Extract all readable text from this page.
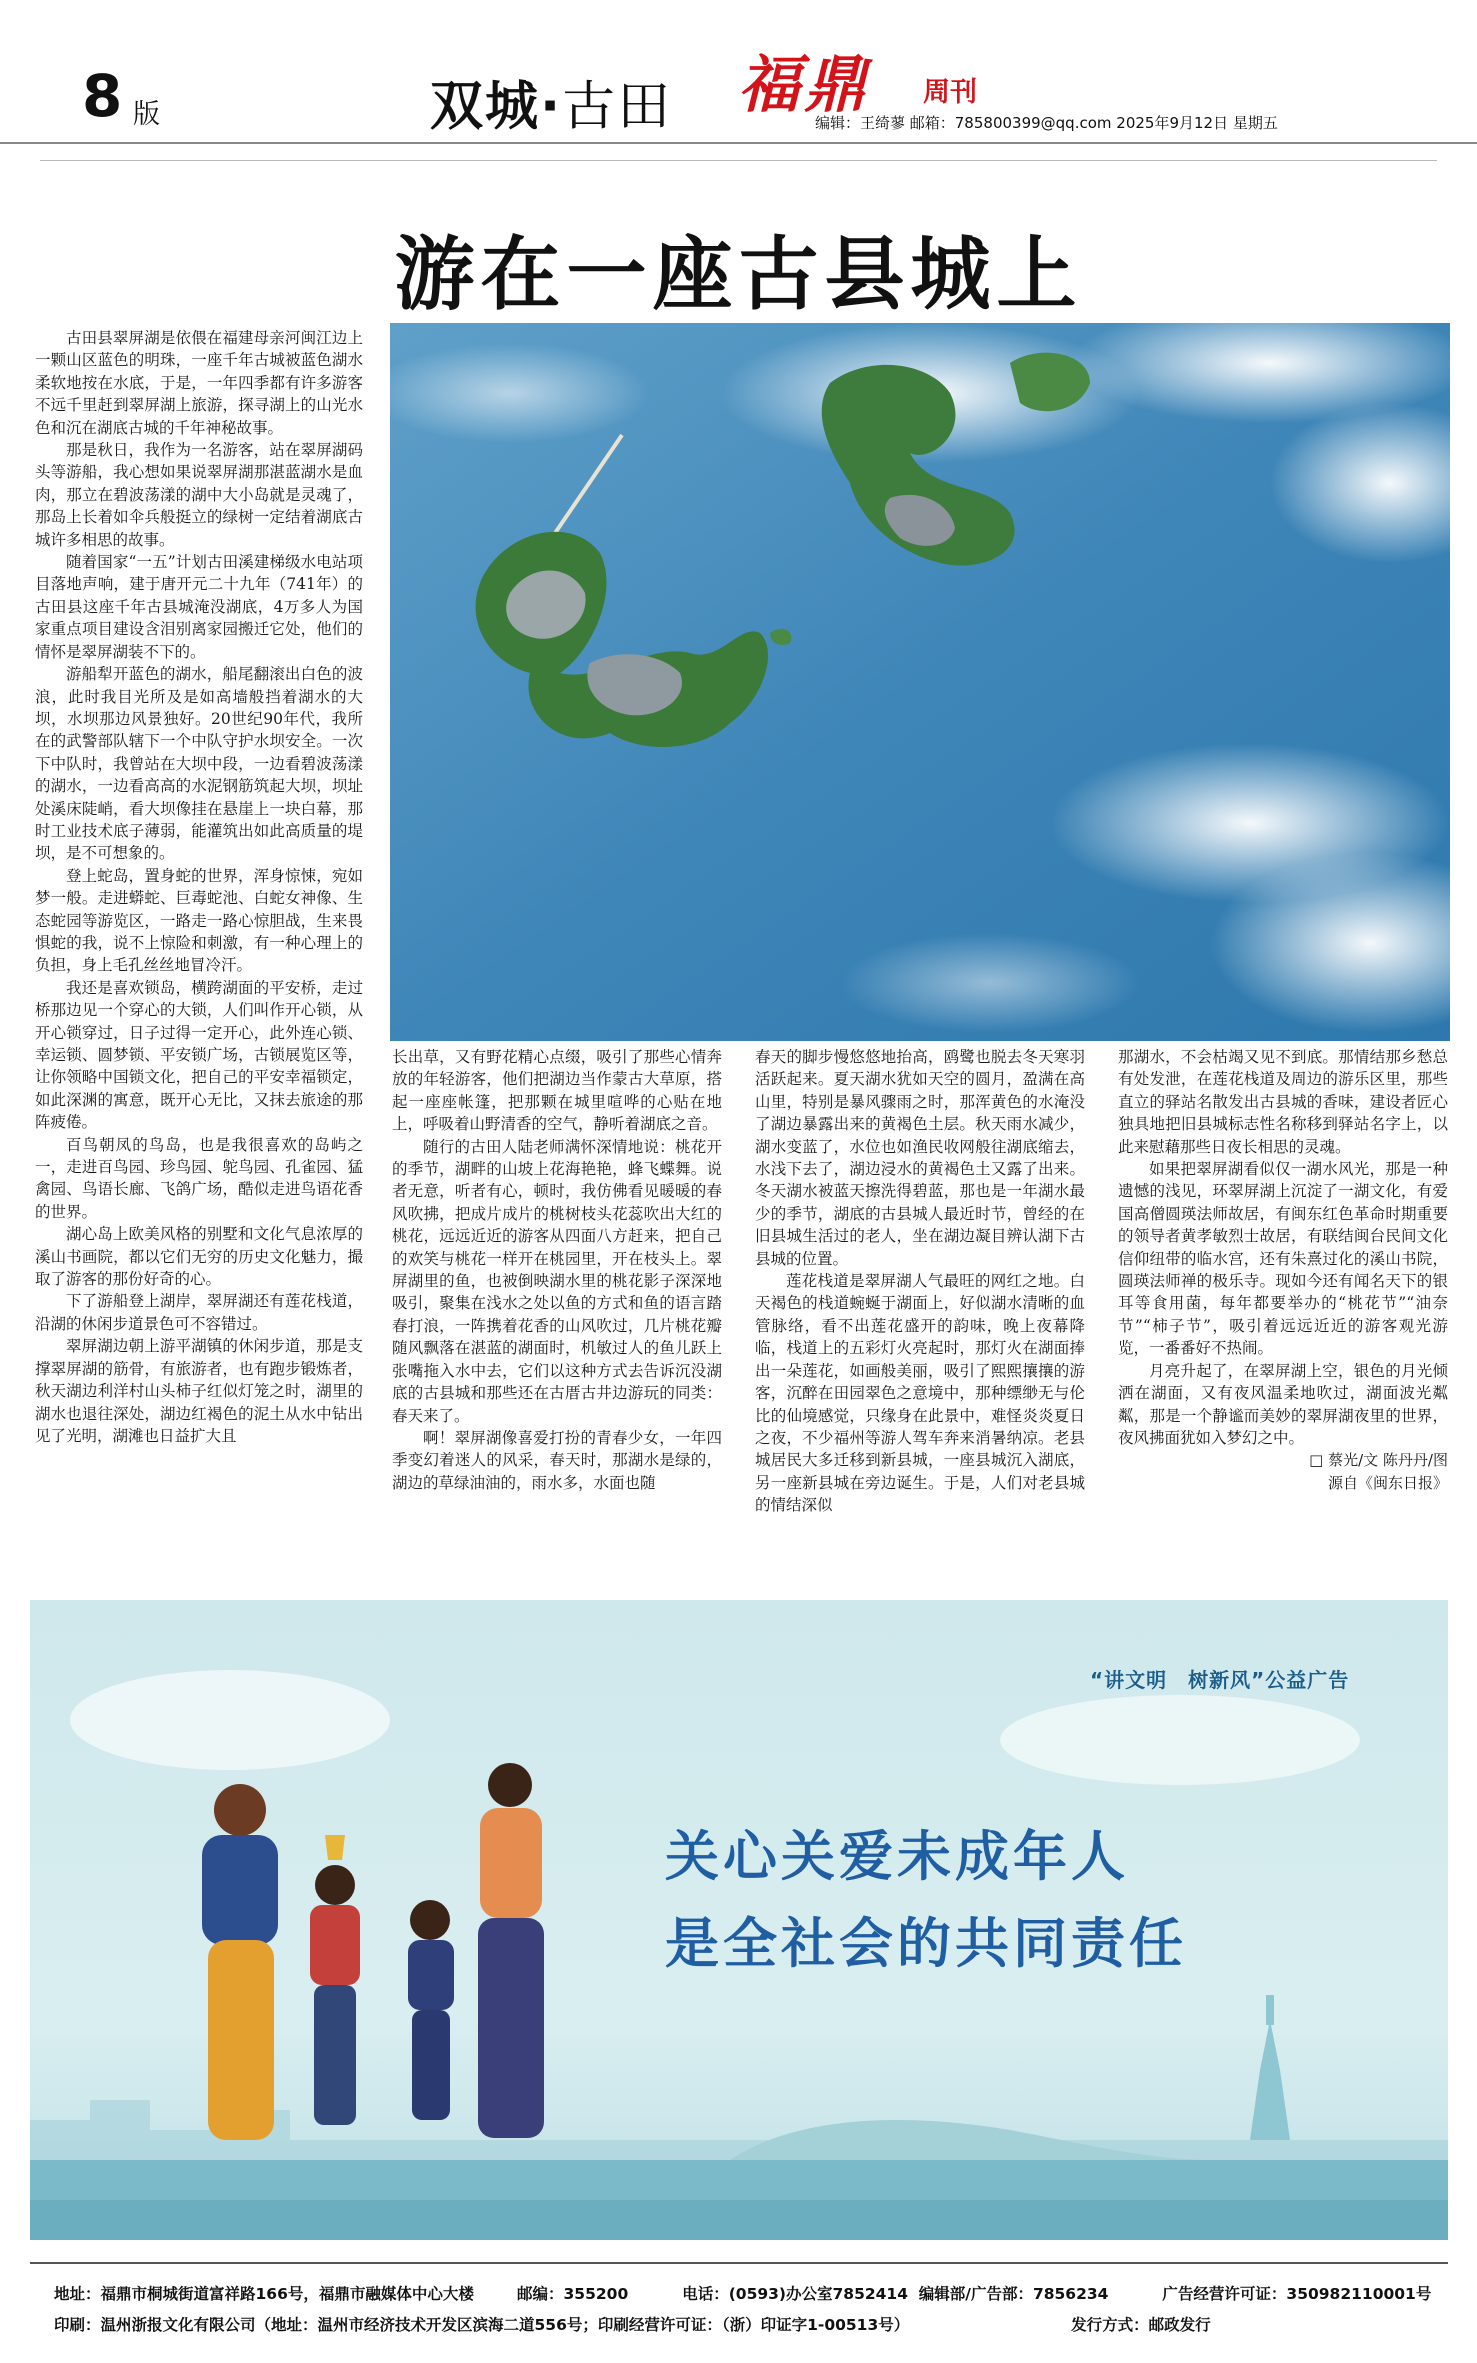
8 版	双城·古田 福鼎 周刊
编辑：王绮蓼 邮箱：785800399@qq.com 2025年9月12日 星期五
游在一座古县城上

古田县翠屏湖是依偎在福建母亲河闽江边上一颗山区蓝色的明珠，一座千年古城被蓝色湖水柔软地按在水底，于是，一年四季都有许多游客不远千里赶到翠屏湖上旅游，探寻湖上的山光水色和沉在湖底古城的千年神秘故事。

那是秋日，我作为一名游客，站在翠屏湖码头等游船，我心想如果说翠屏湖那湛蓝湖水是血肉，那立在碧波荡漾的湖中大小岛就是灵魂了，那岛上长着如伞兵般挺立的绿树一定结着湖底古城许多相思的故事。

随着国家“一五”计划古田溪建梯级水电站项目落地声响，建于唐开元二十九年（741年）的古田县这座千年古县城淹没湖底，4万多人为国家重点项目建设含泪别离家园搬迁它处，他们的情怀是翠屏湖装不下的。

游船犁开蓝色的湖水，船尾翻滚出白色的波浪，此时我目光所及是如高墙般挡着湖水的大坝，水坝那边风景独好。20世纪90年代，我所在的武警部队辖下一个中队守护水坝安全。一次下中队时，我曾站在大坝中段，一边看碧波荡漾的湖水，一边看高高的水泥钢筋筑起大坝，坝址处溪床陡峭，看大坝像挂在悬崖上一块白幕，那时工业技术底子薄弱，能灌筑出如此高质量的堤坝，是不可想象的。

登上蛇岛，置身蛇的世界，浑身惊悚，宛如梦一般。走进蟒蛇、巨毒蛇池、白蛇女神像、生态蛇园等游览区，一路走一路心惊胆战，生来畏惧蛇的我，说不上惊险和刺激，有一种心理上的负担，身上毛孔丝丝地冒冷汗。

我还是喜欢锁岛，横跨湖面的平安桥，走过桥那边见一个穿心的大锁，人们叫作开心锁，从开心锁穿过，日子过得一定开心，此外连心锁、幸运锁、圆梦锁、平安锁广场，古锁展览区等，让你领略中国锁文化，把自己的平安幸福锁定，如此深渊的寓意，既开心无比，又抹去旅途的那阵疲倦。

百鸟朝凤的鸟岛，也是我很喜欢的岛屿之一，走进百鸟园、珍鸟园、鸵鸟园、孔雀园、猛禽园、鸟语长廊、飞鸽广场，酷似走进鸟语花香的世界。

湖心岛上欧美风格的别墅和文化气息浓厚的溪山书画院，都以它们无穷的历史文化魅力，撮取了游客的那份好奇的心。

下了游船登上湖岸，翠屏湖还有莲花栈道，沿湖的休闲步道景色可不容错过。

翠屏湖边朝上游平湖镇的休闲步道，那是支撑翠屏湖的筋骨，有旅游者，也有跑步锻炼者，秋天湖边利洋村山头柿子红似灯笼之时，湖里的湖水也退往深处，湖边红褐色的泥土从水中钻出见了光明，湖滩也日益扩大且

长出草，又有野花精心点缀，吸引了那些心情奔放的年轻游客，他们把湖边当作蒙古大草原，搭起一座座帐篷，把那颗在城里喧哗的心贴在地上，呼吸着山野清香的空气，静听着湖底之音。

随行的古田人陆老师满怀深情地说：桃花开的季节，湖畔的山坡上花海艳艳，蜂飞蝶舞。说者无意，听者有心，顿时，我仿佛看见暖暖的春风吹拂，把成片成片的桃树枝头花蕊吹出大红的桃花，远远近近的游客从四面八方赶来，把自己的欢笑与桃花一样开在桃园里，开在枝头上。翠屏湖里的鱼，也被倒映湖水里的桃花影子深深地吸引，聚集在浅水之处以鱼的方式和鱼的语言踏春打浪，一阵携着花香的山风吹过，几片桃花瓣随风飘落在湛蓝的湖面时，机敏过人的鱼儿跃上张嘴拖入水中去，它们以这种方式去告诉沉没湖底的古县城和那些还在古厝古井边游玩的同类：春天来了。

啊！翠屏湖像喜爱打扮的青春少女，一年四季变幻着迷人的风采，春天时，那湖水是绿的，湖边的草绿油油的，雨水多，水面也随

春天的脚步慢悠悠地抬高，鸥鹭也脱去冬天寒羽活跃起来。夏天湖水犹如天空的圆月，盈满在高山里，特别是暴风骤雨之时，那浑黄色的水淹没了湖边暴露出来的黄褐色土层。秋天雨水减少，湖水变蓝了，水位也如渔民收网般往湖底缩去，水浅下去了，湖边浸水的黄褐色土又露了出来。冬天湖水被蓝天擦洗得碧蓝，那也是一年湖水最少的季节，湖底的古县城人最近时节，曾经的在旧县城生活过的老人，坐在湖边凝目辨认湖下古县城的位置。

莲花栈道是翠屏湖人气最旺的网红之地。白天褐色的栈道蜿蜒于湖面上，好似湖水清晰的血管脉络，看不出莲花盛开的韵味，晚上夜幕降临，栈道上的五彩灯火亮起时，那灯火在湖面捧出一朵莲花，如画般美丽，吸引了熙熙攘攘的游客，沉醉在田园翠色之意境中，那种缥缈无与伦比的仙境感觉，只缘身在此景中，难怪炎炎夏日之夜，不少福州等游人驾车奔来消暑纳凉。老县城居民大多迁移到新县城，一座县城沉入湖底，另一座新县城在旁边诞生。于是，人们对老县城的情结深似

那湖水，不会枯竭又见不到底。那情结那乡愁总有处发泄，在莲花栈道及周边的游乐区里，那些直立的驿站名散发出古县城的香味，建设者匠心独具地把旧县城标志性名称移到驿站名字上，以此来慰藉那些日夜长相思的灵魂。

如果把翠屏湖看似仅一湖水风光，那是一种遗憾的浅见，环翠屏湖上沉淀了一湖文化，有爱国高僧圆瑛法师故居，有闽东红色革命时期重要的领导者黄孝敏烈士故居，有联结闽台民间文化信仰纽带的临水宫，还有朱熹过化的溪山书院，圆瑛法师禅的极乐寺。现如今还有闻名天下的银耳等食用菌，每年都要举办的“桃花节”“油奈节”“柿子节”，吸引着远远近近的游客观光游览，一番番好不热闹。

月亮升起了，在翠屏湖上空，银色的月光倾洒在湖面，又有夜风温柔地吹过，湖面波光粼粼，那是一个静谧而美妙的翠屏湖夜里的世界，夜风拂面犹如入梦幻之中。

□ 蔡光/文 陈丹丹/图

源自《闽东日报》

“讲文明　树新风”公益广告
关心关爱未成年人
是全社会的共同责任
地址：福鼎市桐城街道富祥路166号，福鼎市融媒体中心大楼        邮编：355200          电话：(0593)办公室7852414  编辑部/广告部：7856234          广告经营许可证：350982110001号
印刷：温州浙报文化有限公司（地址：温州市经济技术开发区滨海二道556号；印刷经营许可证：（浙）印证字1-00513号）                              发行方式：邮政发行
